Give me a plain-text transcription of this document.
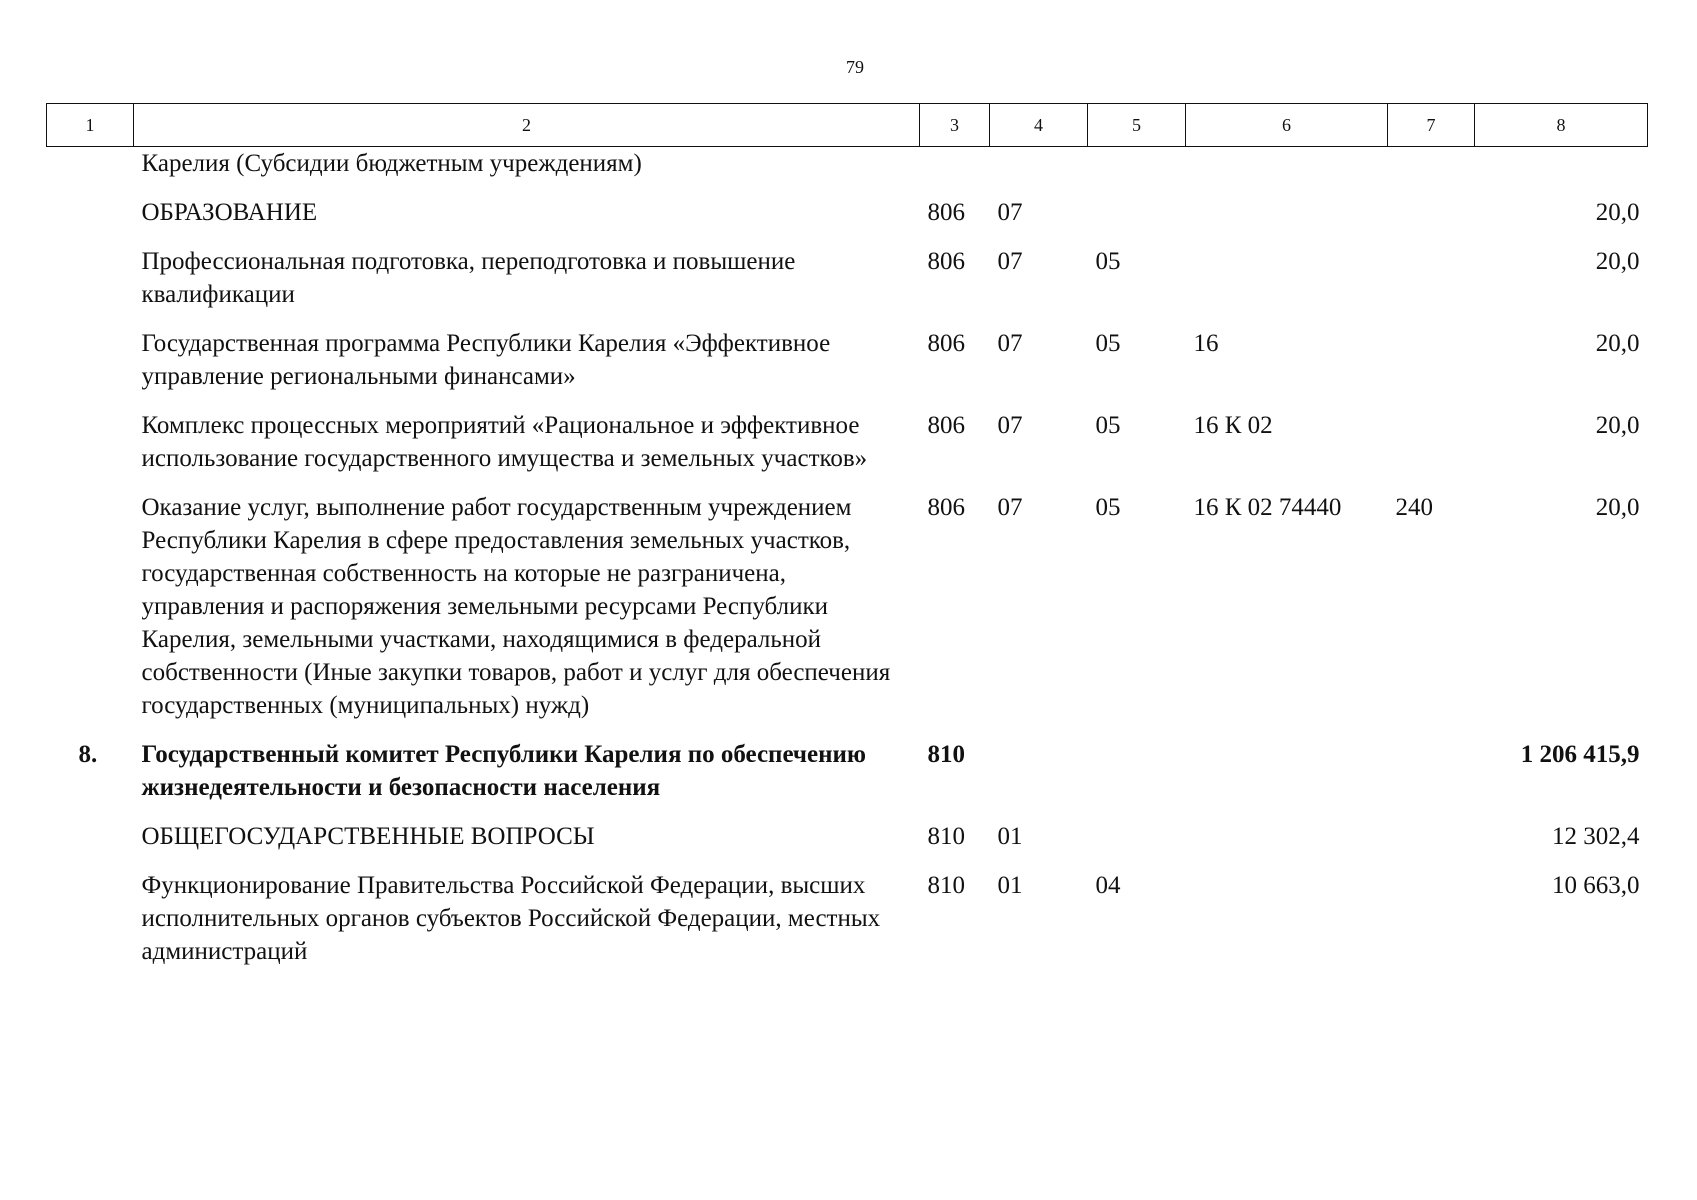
79
1	2	3	4	5	6	7	8
	Карелия (Субсидии бюджетным учреждениям)						
	ОБРАЗОВАНИЕ	806	07				20,0
	Профессиональная подготовка, переподготовка и повышение квалификации	806	07	05			20,0
	Государственная программа Республики Карелия «Эффективное управление региональными финансами»	806	07	05	16		20,0
	Комплекс процессных мероприятий «Рациональное и эффективное использование государственного имущества и земельных участков»	806	07	05	16 К 02		20,0
	Оказание услуг, выполнение работ государственным учреждением Республики Карелия в сфере предоставления земельных участков, государственная собственность на которые не разграничена, управления и распоряжения земельными ресурсами Республики Карелия, земельными участками, находящимися в федеральной собственности (Иные закупки товаров, работ и услуг для обеспечения государственных (муниципальных) нужд)	806	07	05	16 К 02 74440	240	20,0
8.	Государственный комитет Республики Карелия по обеспечению жизнедеятельности и безопасности населения	810					1 206 415,9
	ОБЩЕГОСУДАРСТВЕННЫЕ ВОПРОСЫ	810	01				12 302,4
	Функционирование Правительства Российской Федерации, высших исполнительных органов субъектов Российской Федерации, местных администраций	810	01	04			10 663,0
